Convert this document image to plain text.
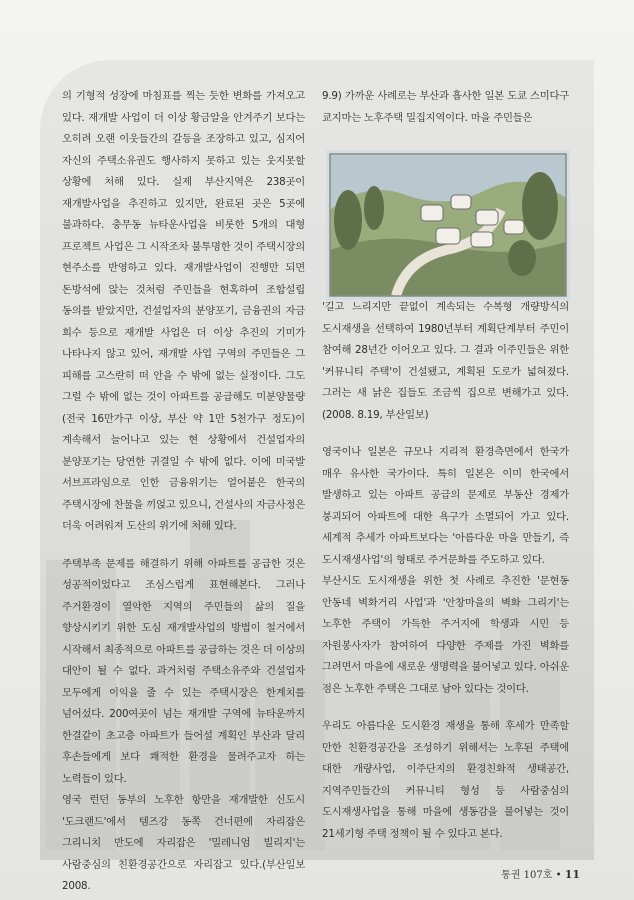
의 기형적 성장에 마침표를 찍는 듯한 변화를 가져오고 있다. 재개발 사업이 더 이상 황금알을 안겨주기 보다는 오히려 오랜 이웃들간의 갈등을 조장하고 있고, 심지어 자신의 주택소유권도 행사하지 못하고 있는 웃지못할 상황에 처해 있다. 실제 부산지역은 238곳이 재개발사업을 추진하고 있지만, 완료된 곳은 5곳에 불과하다. 충무동 뉴타운사업을 비롯한 5개의 대형 프로젝트 사업은 그 시작조차 불투명한 것이 주택시장의 현주소를 반영하고 있다. 재개발사업이 진행만 되면 돈방석에 앉는 것처럼 주민들을 현혹하여 조합설립 동의를 받았지만, 건설업자의 분양포기, 금융권의 자금 회수 등으로 재개발 사업은 더 이상 추진의 기미가 나타나지 않고 있어, 재개발 사업 구역의 주민들은 그 피해를 고스란히 떠 안을 수 밖에 없는 실정이다. 그도 그럴 수 밖에 없는 것이 아파트를 공급해도 미분양물량(전국 16만가구 이상, 부산 약 1만 5천가구 정도)이 계속해서 늘어나고 있는 현 상황에서 건설업자의 분양포기는 당연한 귀결일 수 밖에 없다. 이에 미국발 서브프라임으로 인한 금융위기는 얼어붙은 한국의 주택시장에 찬물을 끼얹고 있으니, 건설사의 자금사정은 더욱 어려워져 도산의 위기에 처해 있다.

주택부족 문제를 해결하기 위해 아파트를 공급한 것은 성공적이었다고 조심스럽게 표현해본다. 그러나 주거환경이 열악한 지역의 주민들의 삶의 질을 향상시키기 위한 도심 재개발사업의 방법이 철거에서 시작해서 최종적으로 아파트를 공급하는 것은 더 이상의 대안이 될 수 없다. 과거처럼 주택소유주와 건설업자 모두에게 이익을 줄 수 있는 주택시장은 한계치를 넘어섰다. 200여곳이 넘는 재개발 구역에 뉴타운까지 한결같이 초고층 아파트가 들어설 계획인 부산과 달리 후손들에게 보다 쾌적한 환경을 물려주고자 하는 노력들이 있다.

영국 런던 동부의 노후한 항만을 재개발한 신도시 '도크랜드'에서 템즈강 동쪽 건너편에 자리잡은 그리니치 반도에 자리잡은 '밀레니엄 빌리지'는 사람중심의 친환경공간으로 자리잡고 있다.(부산일보 2008.

9.9) 가까운 사례로는 부산과 흡사한 일본 도쿄 스미다구 쿄지마는 노후주택 밀집지역이다. 마을 주민들은

'길고 느리지만 끝없이 계속되는 수복형 개량방식의 도시재생을 선택하여 1980년부터 계획단계부터 주민이 참여해 28년간 이어오고 있다. 그 결과 이주민들은 위한 '커뮤니티 주택'이 건설됐고, 계획된 도로가 넓혀졌다. 그러는 새 낡은 집들도 조금씩 집으로 변해가고 있다.(2008. 8.19, 부산일보)

영국이나 일본은 규모나 지리적 환경측면에서 한국가 매우 유사한 국가이다. 특히 일본은 이미 한국에서 발생하고 있는 아파트 공급의 문제로 부동산 경제가 붕괴되어 아파트에 대한 욕구가 소멸되어 가고 있다. 세계적 추세가 아파트보다는 '아름다운 마을 만들기, 즉 도시재생사업'의 형태로 주거문화를 주도하고 있다.

부산시도 도시재생을 위한 첫 사례로 추진한 '문현동 안동네 벽화거리 사업'과 '안창마을의 벽화 그리기'는 노후한 주택이 가득한 주거지에 학생과 시민 등 자원봉사자가 참여하여 다양한 주제를 가진 벽화를 그려면서 마을에 새로운 생명력을 불어넣고 있다. 아쉬운 점은 노후한 주택은 그대로 남아 있다는 것이다.

우리도 아름다운 도시환경 재생을 통해 후세가 만족할 만한 친환경공간을 조성하기 위해서는 노후된 주택에 대한 개량사업, 이주단지의 환경친화적 생태공간, 지역주민들간의 커뮤니티 형성 등 사람중심의 도시재생사업을 통해 마을에 생동감을 불어넣는 것이 21세기형 주택 정책이 될 수 있다고 본다.

통권 107호 • 11
